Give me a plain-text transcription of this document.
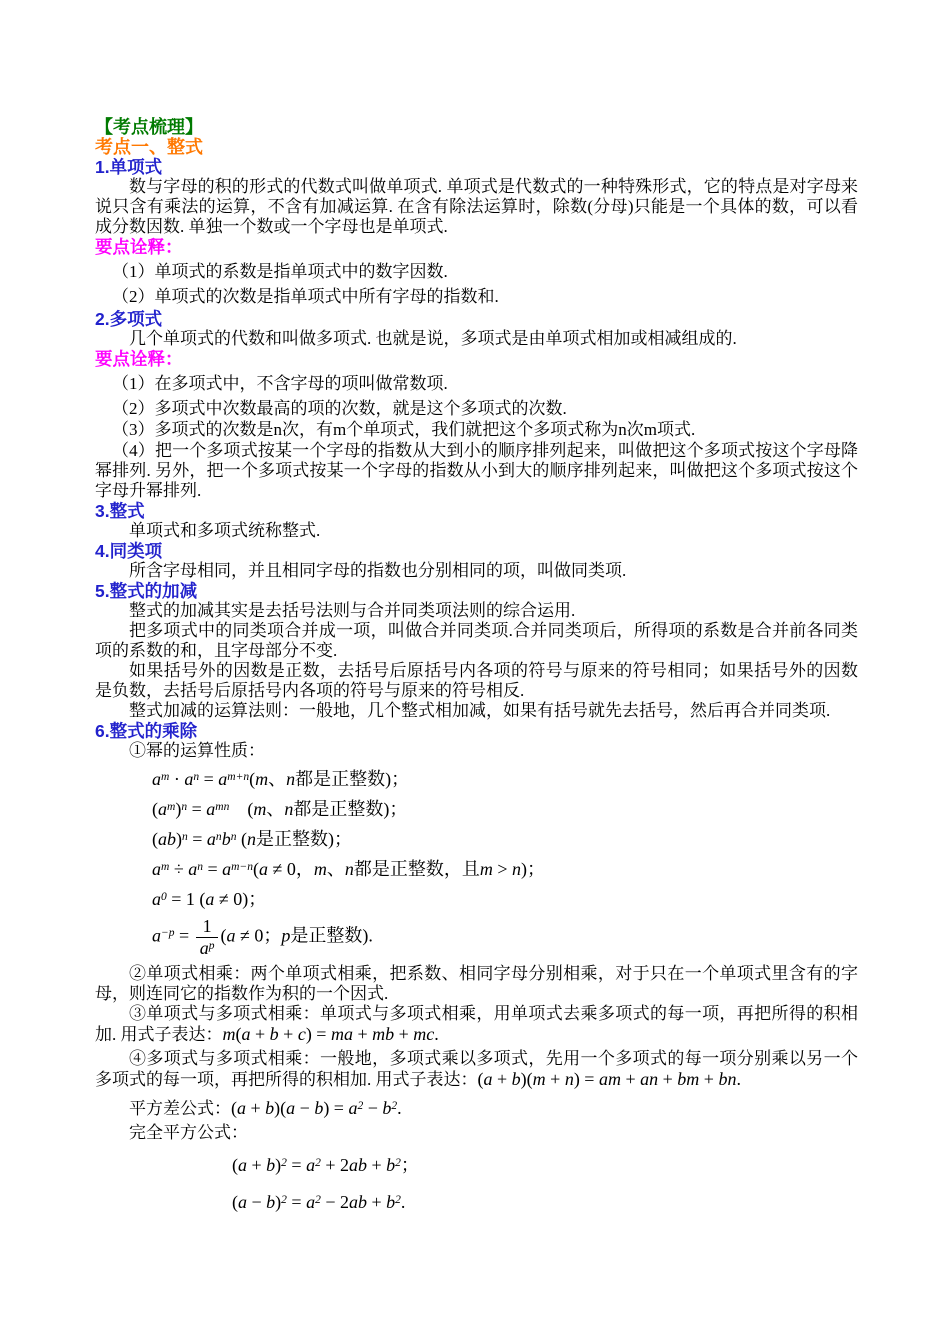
【考点梳理】
考点一、整式
1.单项式

数与字母的积的形式的代数式叫做单项式. 单项式是代数式的一种特殊形式，它的特点是对字母来说只含有乘法的运算，不含有加减运算. 在含有除法运算时，除数(分母)只能是一个具体的数，可以看成分数因数. 单独一个数或一个字母也是单项式.

要点诠释：

（1）单项式的系数是指单项式中的数字因数.

（2）单项式的次数是指单项式中所有字母的指数和.

2.多项式

几个单项式的代数和叫做多项式. 也就是说，多项式是由单项式相加或相减组成的.

要点诠释：

（1）在多项式中，不含字母的项叫做常数项.

（2）多项式中次数最高的项的次数，就是这个多项式的次数.

（3）多项式的次数是n次，有m个单项式，我们就把这个多项式称为n次m项式.

（4）把一个多项式按某一个字母的指数从大到小的顺序排列起来，叫做把这个多项式按这个字母降幂排列. 另外，把一个多项式按某一个字母的指数从小到大的顺序排列起来，叫做把这个多项式按这个字母升幂排列.

3.整式

单项式和多项式统称整式.

4.同类项

所含字母相同，并且相同字母的指数也分别相同的项，叫做同类项.

5.整式的加减

整式的加减其实是去括号法则与合并同类项法则的综合运用.

把多项式中的同类项合并成一项，叫做合并同类项.合并同类项后，所得项的系数是合并前各同类项的系数的和，且字母部分不变.

如果括号外的因数是正数，去括号后原括号内各项的符号与原来的符号相同；如果括号外的因数是负数，去括号后原括号内各项的符号与原来的符号相反.

整式加减的运算法则：一般地，几个整式相加减，如果有括号就先去括号，然后再合并同类项.

6.整式的乘除

①幂的运算性质：

$a^m \cdot a^n = a^{m+n}(m$、n都是正整数)；
$(a^m)^n = a^{mn}$　(m、n都是正整数)；
$(ab)^n = a^nb^n$ (n是正整数)；
$a^m \div a^n = a^{m-n}(a \ne 0$，m、n都是正整数，且m > n)；
$a^0 = 1$ (a ≠ 0)；
$a^{-p} = \frac{1}{a^p} (a \ne 0$；p是正整数).

②单项式相乘：两个单项式相乘，把系数、相同字母分别相乘，对于只在一个单项式里含有的字母，则连同它的指数作为积的一个因式.

③单项式与多项式相乘：单项式与多项式相乘，用单项式去乘多项式的每一项，再把所得的积相加. 用式子表达：m(a + b + c) = ma + mb + mc.

④多项式与多项式相乘：一般地，多项式乘以多项式，先用一个多项式的每一项分别乘以另一个多项式的每一项，再把所得的积相加. 用式子表达：(a + b)(m + n) = am + an + bm + bn.

平方差公式：$(a + b)(a - b) = a^2 - b^2$.

完全平方公式：

$(a + b)^2 = a^2 + 2ab + b^2$；
$(a - b)^2 = a^2 - 2ab + b^2$.
